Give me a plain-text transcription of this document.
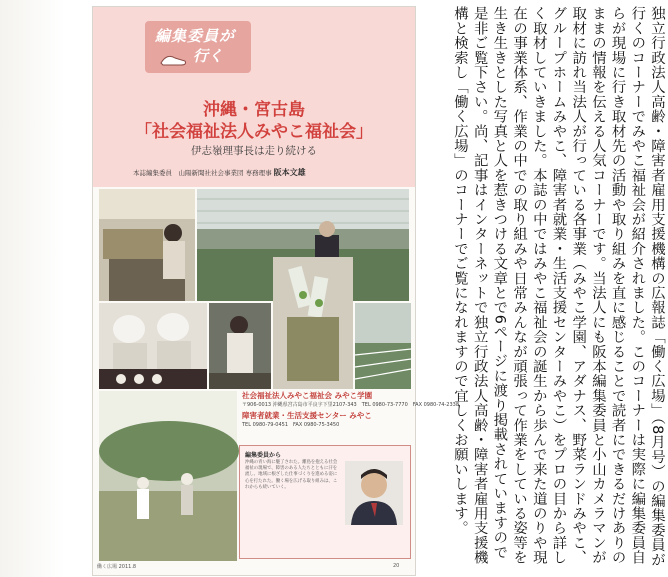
編集委員が
行く
沖縄・宮古島
「社会福祉法人みやこ福祉会」
伊志嶺理事長は走り続ける
本誌編集委員　山陽新聞社社会事業団 専務理事 阪本文雄
編集委員から
沖縄の青い海に魅了された。離島を抱える社会福祉の現場で、障害のある人たちとともに汗を流し、地域に根ざした仕事づくりを進める姿に心を打たれた。働く場を広げる取り組みは、これからも続いていく。
働く広場 2011.8	20
社会福祉法人みやこ福祉会 みやこ学園
〒906-0013 沖縄県宮古島市平良字下里2107-343　TEL 0980-73-7770　FAX 0980-74-2338
障害者就業・生活支援センター みやこ
TEL 0980-79-0451　FAX 0980-75-3450	独立行政法人高齢・障害者雇用支援機構の広報誌「働く広場」（8月号）の編集委員が行くのコーナーでみやこ福祉会が紹介されました。このコーナーは実際に編集委員自らが現場に行き取材先の活動や取り組みを直に感じることで読者にできるだけありのままの情報を伝える人気コーナーです。当法人にも阪本編集委員と小山カメラマンが取材に訪れ当法人が行っている各事業（みやこ学園、アダナス、野菜ランドみやこ、グループホームみやこ、障害者就業・生活支援センターみやこ）をプロの目から詳しく取材していきました。本誌の中ではみやこ福祉会の誕生から歩んで来た道のりや現在の事業体系、作業の中での取り組みや日常みんなが頑張って作業をしている姿等を生き生きとした写真と人を惹きつける文章とで6ページに渡り掲載されていますので是非ご覧下さい。尚、記事はインターネットで独立行政法人高齢・障害者雇用支援機構と検索し「働く広場」のコーナーでご覧になれますので宜しくお願いします。
